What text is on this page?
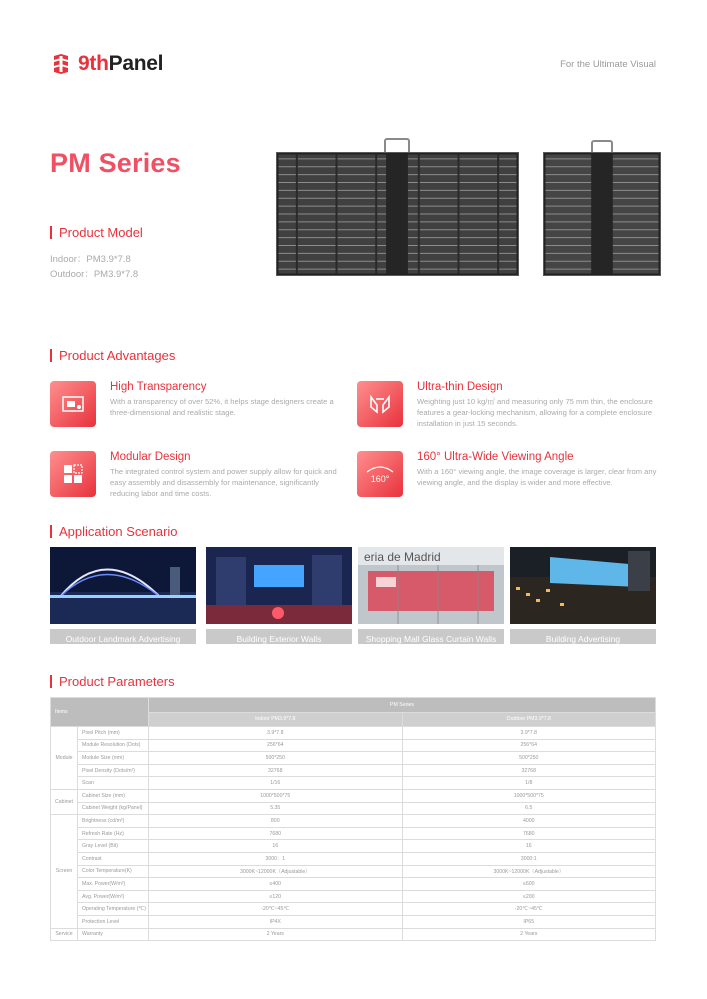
9thPanel	For the Ultimate Visual
PM Series
Product Model
Indoor：PM3.9*7.8
Outdoor：PM3.9*7.8
Product Advantages
High Transparency
With a transparency of over 52%, it helps stage designers create a three-dimensional and realistic stage.
Ultra-thin Design
Weighting just 10 kg/㎡ and measuring only 75 mm thin, the enclosure features a gear-locking mechanism, allowing for a complete enclosure installation in just 15 seconds.
Modular Design
The integrated control system and power supply allow for quick and easy assembly and disassembly for maintenance, significantly reducing labor and time costs.
160°
160° Ultra-Wide Viewing Angle
With a 160° viewing angle, the image coverage is larger, clear from any viewing angle, and the display is wider and more effective.
Application Scenario
Outdoor Landmark Advertising	Building Exterior Walls
eria de Madrid
Shopping Mall Glass Curtain Walls	Building Advertising
Product Parameters
Items		PM Series	
		Indoor PM3.9*7.8	Outdoor PM3.9*7.8
Module	Pixel Pitch (mm)	3.9*7.8	3.9*7.8
	Module Resolution (Dots)	256*64	256*64
	Module Size (mm)	500*250	500*250
	Pixel Density (Dots/m²)	32768	32768
	Scan	1/16	1/8
Cabinet	Cabinet Size (mm)	1000*500*75	1000*500*75
	Cabinet Weight (kg/Panel)	5.35	6.5
Screen	Brightness (cd/m²)	800	4000
	Refresh Rate (Hz)	7680	7680
	Gray Level (Bit)	16	16
	Contrast	3000：1	3000:1
	Color Temperature(K)	3000K~12000K（Adjustable）	3000K~12000K（Adjustable）
	Max. Power(W/m²)	≤400	≤600
	Avg. Power(W/m²)	≤120	≤200
	Operating Temperature (℃)	-20℃~45℃	-20℃~45℃
	Protection Level	IP4X	IP65
Service	Warranty	2 Years	2 Years
